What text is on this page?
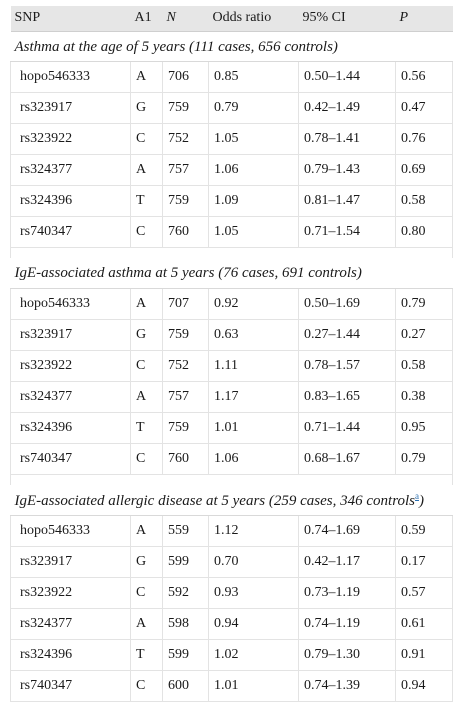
SNP	A1	N	Odds ratio	95% CI	P
Asthma at the age of 5 years (111 cases, 656 controls)					
hopo546333	A	706	0.85	0.50–1.44	0.56
rs323917	G	759	0.79	0.42–1.49	0.47
rs323922	C	752	1.05	0.78–1.41	0.76
rs324377	A	757	1.06	0.79–1.43	0.69
rs324396	T	759	1.09	0.81–1.47	0.58
rs740347	C	760	1.05	0.71–1.54	0.80

IgE-associated asthma at 5 years (76 cases, 691 controls)					
hopo546333	A	707	0.92	0.50–1.69	0.79
rs323917	G	759	0.63	0.27–1.44	0.27
rs323922	C	752	1.11	0.78–1.57	0.58
rs324377	A	757	1.17	0.83–1.65	0.38
rs324396	T	759	1.01	0.71–1.44	0.95
rs740347	C	760	1.06	0.68–1.67	0.79

IgE-associated allergic disease at 5 years (259 cases, 346 controls$^a$)					
hopo546333	A	559	1.12	0.74–1.69	0.59
rs323917	G	599	0.70	0.42–1.17	0.17
rs323922	C	592	0.93	0.73–1.19	0.57
rs324377	A	598	0.94	0.74–1.19	0.61
rs324396	T	599	1.02	0.79–1.30	0.91
rs740347	C	600	1.01	0.74–1.39	0.94
